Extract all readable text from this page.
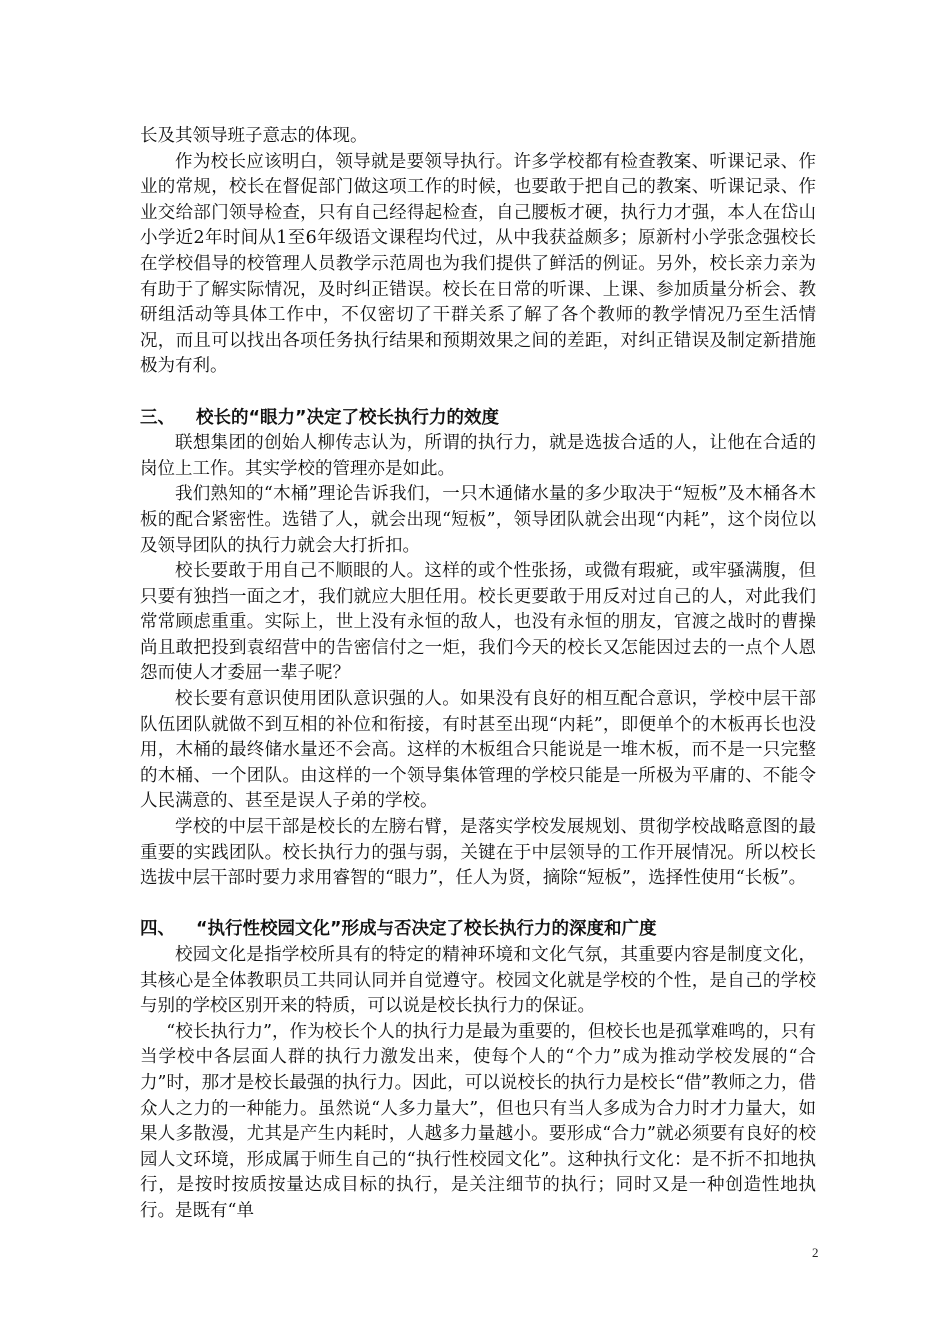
长及其领导班子意志的体现。

作为校长应该明白，领导就是要领导执行。许多学校都有检查教案、听课记录、作业的常规，校长在督促部门做这项工作的时候，也要敢于把自己的教案、听课记录、作业交给部门领导检查，只有自己经得起检查，自己腰板才硬，执行力才强，本人在岱山小学近2年时间从1至6年级语文课程均代过，从中我获益颇多；原新村小学张念强校长在学校倡导的校管理人员教学示范周也为我们提供了鲜活的例证。另外，校长亲力亲为有助于了解实际情况，及时纠正错误。校长在日常的听课、上课、参加质量分析会、教研组活动等具体工作中，不仅密切了干群关系了解了各个教师的教学情况乃至生活情况，而且可以找出各项任务执行结果和预期效果之间的差距，对纠正错误及制定新措施极为有利。

三、 校长的“眼力”决定了校长执行力的效度

联想集团的创始人柳传志认为，所谓的执行力，就是选拔合适的人，让他在合适的岗位上工作。其实学校的管理亦是如此。

我们熟知的“木桶”理论告诉我们，一只木通储水量的多少取决于“短板”及木桶各木板的配合紧密性。选错了人，就会出现“短板”，领导团队就会出现“内耗”，这个岗位以及领导团队的执行力就会大打折扣。

校长要敢于用自己不顺眼的人。这样的或个性张扬，或微有瑕疵，或牢骚满腹，但只要有独挡一面之才，我们就应大胆任用。校长更要敢于用反对过自己的人，对此我们常常顾虑重重。实际上，世上没有永恒的敌人，也没有永恒的朋友，官渡之战时的曹操尚且敢把投到袁绍营中的告密信付之一炬，我们今天的校长又怎能因过去的一点个人恩怨而使人才委屈一辈子呢？

校长要有意识使用团队意识强的人。如果没有良好的相互配合意识，学校中层干部队伍团队就做不到互相的补位和衔接，有时甚至出现“内耗”，即便单个的木板再长也没用，木桶的最终储水量还不会高。这样的木板组合只能说是一堆木板，而不是一只完整的木桶、一个团队。由这样的一个领导集体管理的学校只能是一所极为平庸的、不能令人民满意的、甚至是误人子弟的学校。

学校的中层干部是校长的左膀右臂，是落实学校发展规划、贯彻学校战略意图的最重要的实践团队。校长执行力的强与弱，关键在于中层领导的工作开展情况。所以校长选拔中层干部时要力求用睿智的“眼力”，任人为贤，摘除“短板”，选择性使用“长板”。

四、 “执行性校园文化”形成与否决定了校长执行力的深度和广度

校园文化是指学校所具有的特定的精神环境和文化气氛，其重要内容是制度文化，其核心是全体教职员工共同认同并自觉遵守。校园文化就是学校的个性，是自己的学校与别的学校区别开来的特质，可以说是校长执行力的保证。

“校长执行力”，作为校长个人的执行力是最为重要的，但校长也是孤掌难鸣的，只有当学校中各层面人群的执行力激发出来，使每个人的“个力”成为推动学校发展的“合力”时，那才是校长最强的执行力。因此，可以说校长的执行力是校长“借”教师之力，借众人之力的一种能力。虽然说“人多力量大”，但也只有当人多成为合力时才力量大，如果人多散漫，尤其是产生内耗时，人越多力量越小。要形成“合力”就必须要有良好的校园人文环境，形成属于师生自己的“执行性校园文化”。这种执行文化：是不折不扣地执行，是按时按质按量达成目标的执行，是关注细节的执行；同时又是一种创造性地执行。是既有“单

2
